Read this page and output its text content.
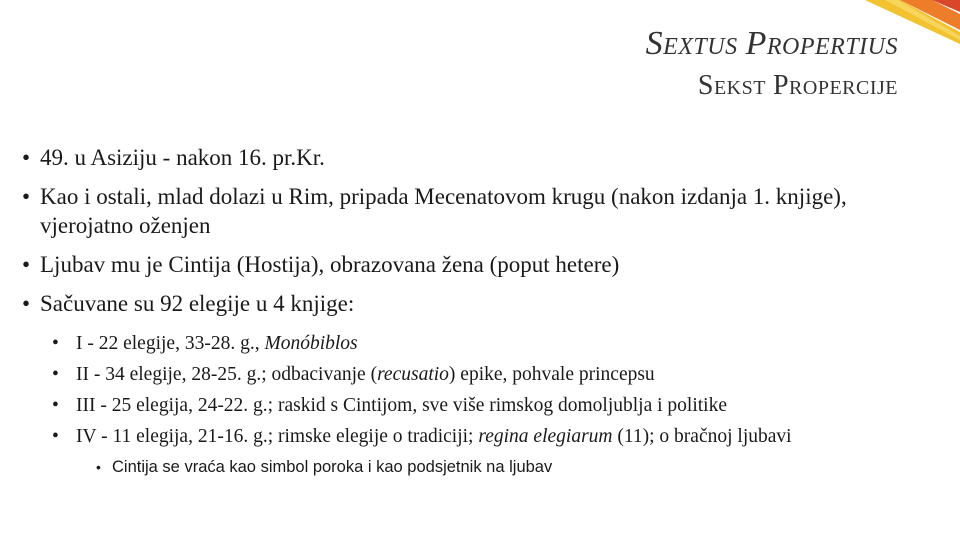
SEXTUS PROPERTIUS
SEKST PROPERCIJE
• 49. u Asiziju - nakon 16. pr.Kr.
• Kao i ostali, mlad dolazi u Rim, pripada Mecenatovom krugu (nakon izdanja 1. knjige), vjerojatno oženjen
• Ljubav mu je Cintija (Hostija), obrazovana žena (poput hetere)
• Sačuvane su 92 elegije u 4 knjige:
• I - 22 elegije, 33-28. g., Monóbiblos
• II - 34 elegije, 28-25. g.; odbacivanje (recusatio) epike, pohvale princepsu
• III - 25 elegija, 24-22. g.; raskid s Cintijom, sve više rimskog domoljublja i politike
• IV - 11 elegija, 21-16. g.; rimske elegije o tradiciji; regina elegiarum (11); o bračnoj ljubavi
• Cintija se vraća kao simbol poroka i kao podsjetnik na ljubav
